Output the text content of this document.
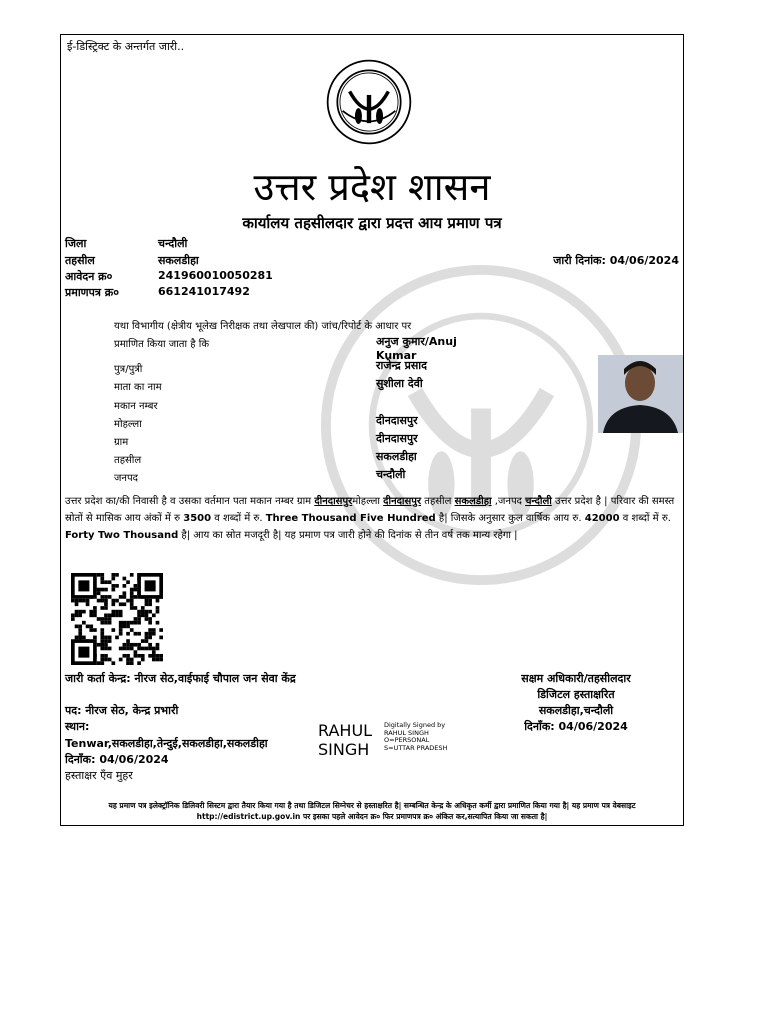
ई-डिस्ट्रिक्ट के अन्तर्गत जारी..
उत्तर प्रदेश शासन
कार्यालय तहसीलदार द्वारा प्रदत्त आय प्रमाण पत्र
जिला	चन्दौली
तहसील	सकलडीहा
आवेदन क्र०	241960010050281
प्रमाणपत्र क्र०	661241017492
जारी दिनांक: 04/06/2024
यथा विभागीय (क्षेत्रीय भूलेख निरीक्षक तथा लेखपाल की) जांच/रिपोर्ट के आधार पर
प्रमाणित किया जाता है कि	अनुज कुमार/Anuj Kumar
पुत्र/पुत्री	राजेन्द्र प्रसाद
माता का नाम	सुशीला देवी
मकान नम्बर
मोहल्ला	दीनदासपुर
ग्राम	दीनदासपुर
तहसील	सकलडीहा
जनपद	चन्दौली
उत्तर प्रदेश का/की निवासी है व उसका वर्तमान पता मकान नम्बर ग्राम दीनदासपुरमोहल्ला दीनदासपुर तहसील सकलडीहा ,जनपद चन्दौली उत्तर प्रदेश है | परिवार की समस्त स्रोतों से मासिक आय अंकों में रु 3500 व शब्दों में रु. Three Thousand Five Hundred है| जिसके अनुसार कुल वार्षिक आय रु. 42000 व शब्दों में रु. Forty Two Thousand है| आय का स्रोत मजदूरी है| यह प्रमाण पत्र जारी होने की दिनांक से तीन वर्ष तक मान्य रहेगा |
जारी कर्ता केन्द्र: नीरज सेठ,वाईफाई चौपाल जन सेवा केंद्र
पद: नीरज सेठ, केन्द्र प्रभारी
स्थान:
Tenwar,सकलडीहा,तेन्दुई,सकलडीहा,सकलडीहा
दिनाँक: 04/06/2024
हस्ताक्षर एँव मुहर
RAHUL
SINGH
Digitally Signed by
RAHUL SINGH
O=PERSONAL
S=UTTAR PRADESH
सक्षम अधिकारी/तहसीलदार
डिजिटल हस्ताक्षरित
सकलडीहा,चन्दौली
दिनाँक: 04/06/2024
यह प्रमाण पत्र इलेक्ट्रॉनिक डिलिवरी सिस्टम द्वारा तैयार किया गया है तथा डिजिटल सिग्नेचर से हस्ताक्षरित है| सम्बन्धित केन्द्र के अधिकृत कर्मी द्वारा प्रमाणित किया गया है| यह प्रमाण पत्र वेबसाइट http://edistrict.up.gov.in पर इसका पहले आवेदन क्र० फिर प्रमाणपत्र क्र० अंकित कर,सत्यापित किया जा सकता है|
